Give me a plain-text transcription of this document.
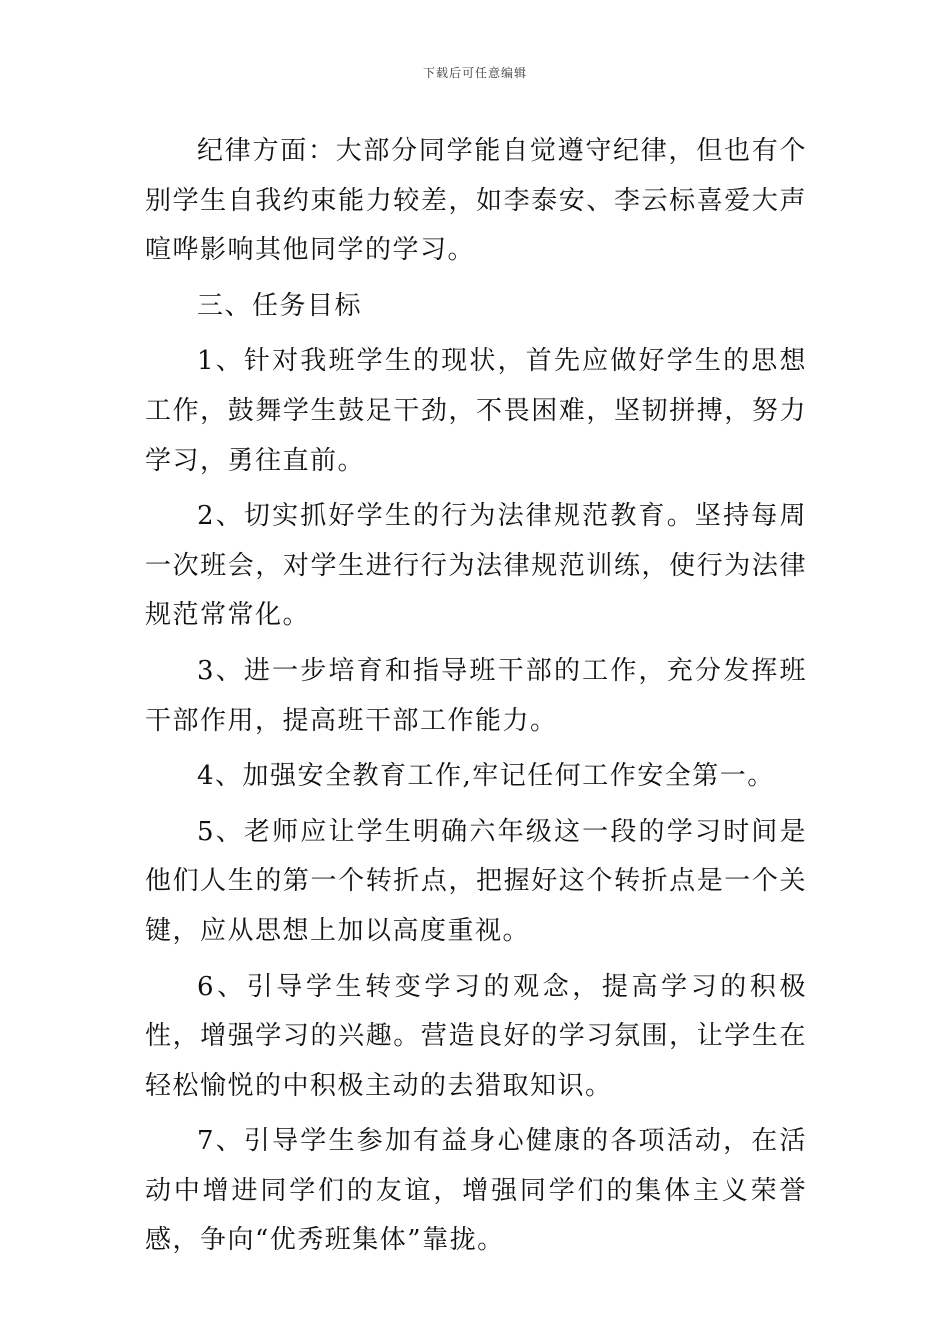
下载后可任意编辑

纪律方面：大部分同学能自觉遵守纪律，但也有个别学生自我约束能力较差，如李泰安、李云标喜爱大声喧哗影响其他同学的学习。

三、任务目标

1、针对我班学生的现状，首先应做好学生的思想工作，鼓舞学生鼓足干劲，不畏困难，坚韧拼搏，努力学习，勇往直前。

2、切实抓好学生的行为法律规范教育。坚持每周一次班会，对学生进行行为法律规范训练，使行为法律规范常常化。

3、进一步培育和指导班干部的工作，充分发挥班干部作用，提高班干部工作能力。

4、加强安全教育工作,牢记任何工作安全第一。

5、老师应让学生明确六年级这一段的学习时间是他们人生的第一个转折点，把握好这个转折点是一个关键，应从思想上加以高度重视。

6、引导学生转变学习的观念，提高学习的积极性，增强学习的兴趣。营造良好的学习氛围，让学生在轻松愉悦的中积极主动的去猎取知识。

7、引导学生参加有益身心健康的各项活动，在活动中增进同学们的友谊，增强同学们的集体主义荣誉感，争向“优秀班集体”靠拢。
